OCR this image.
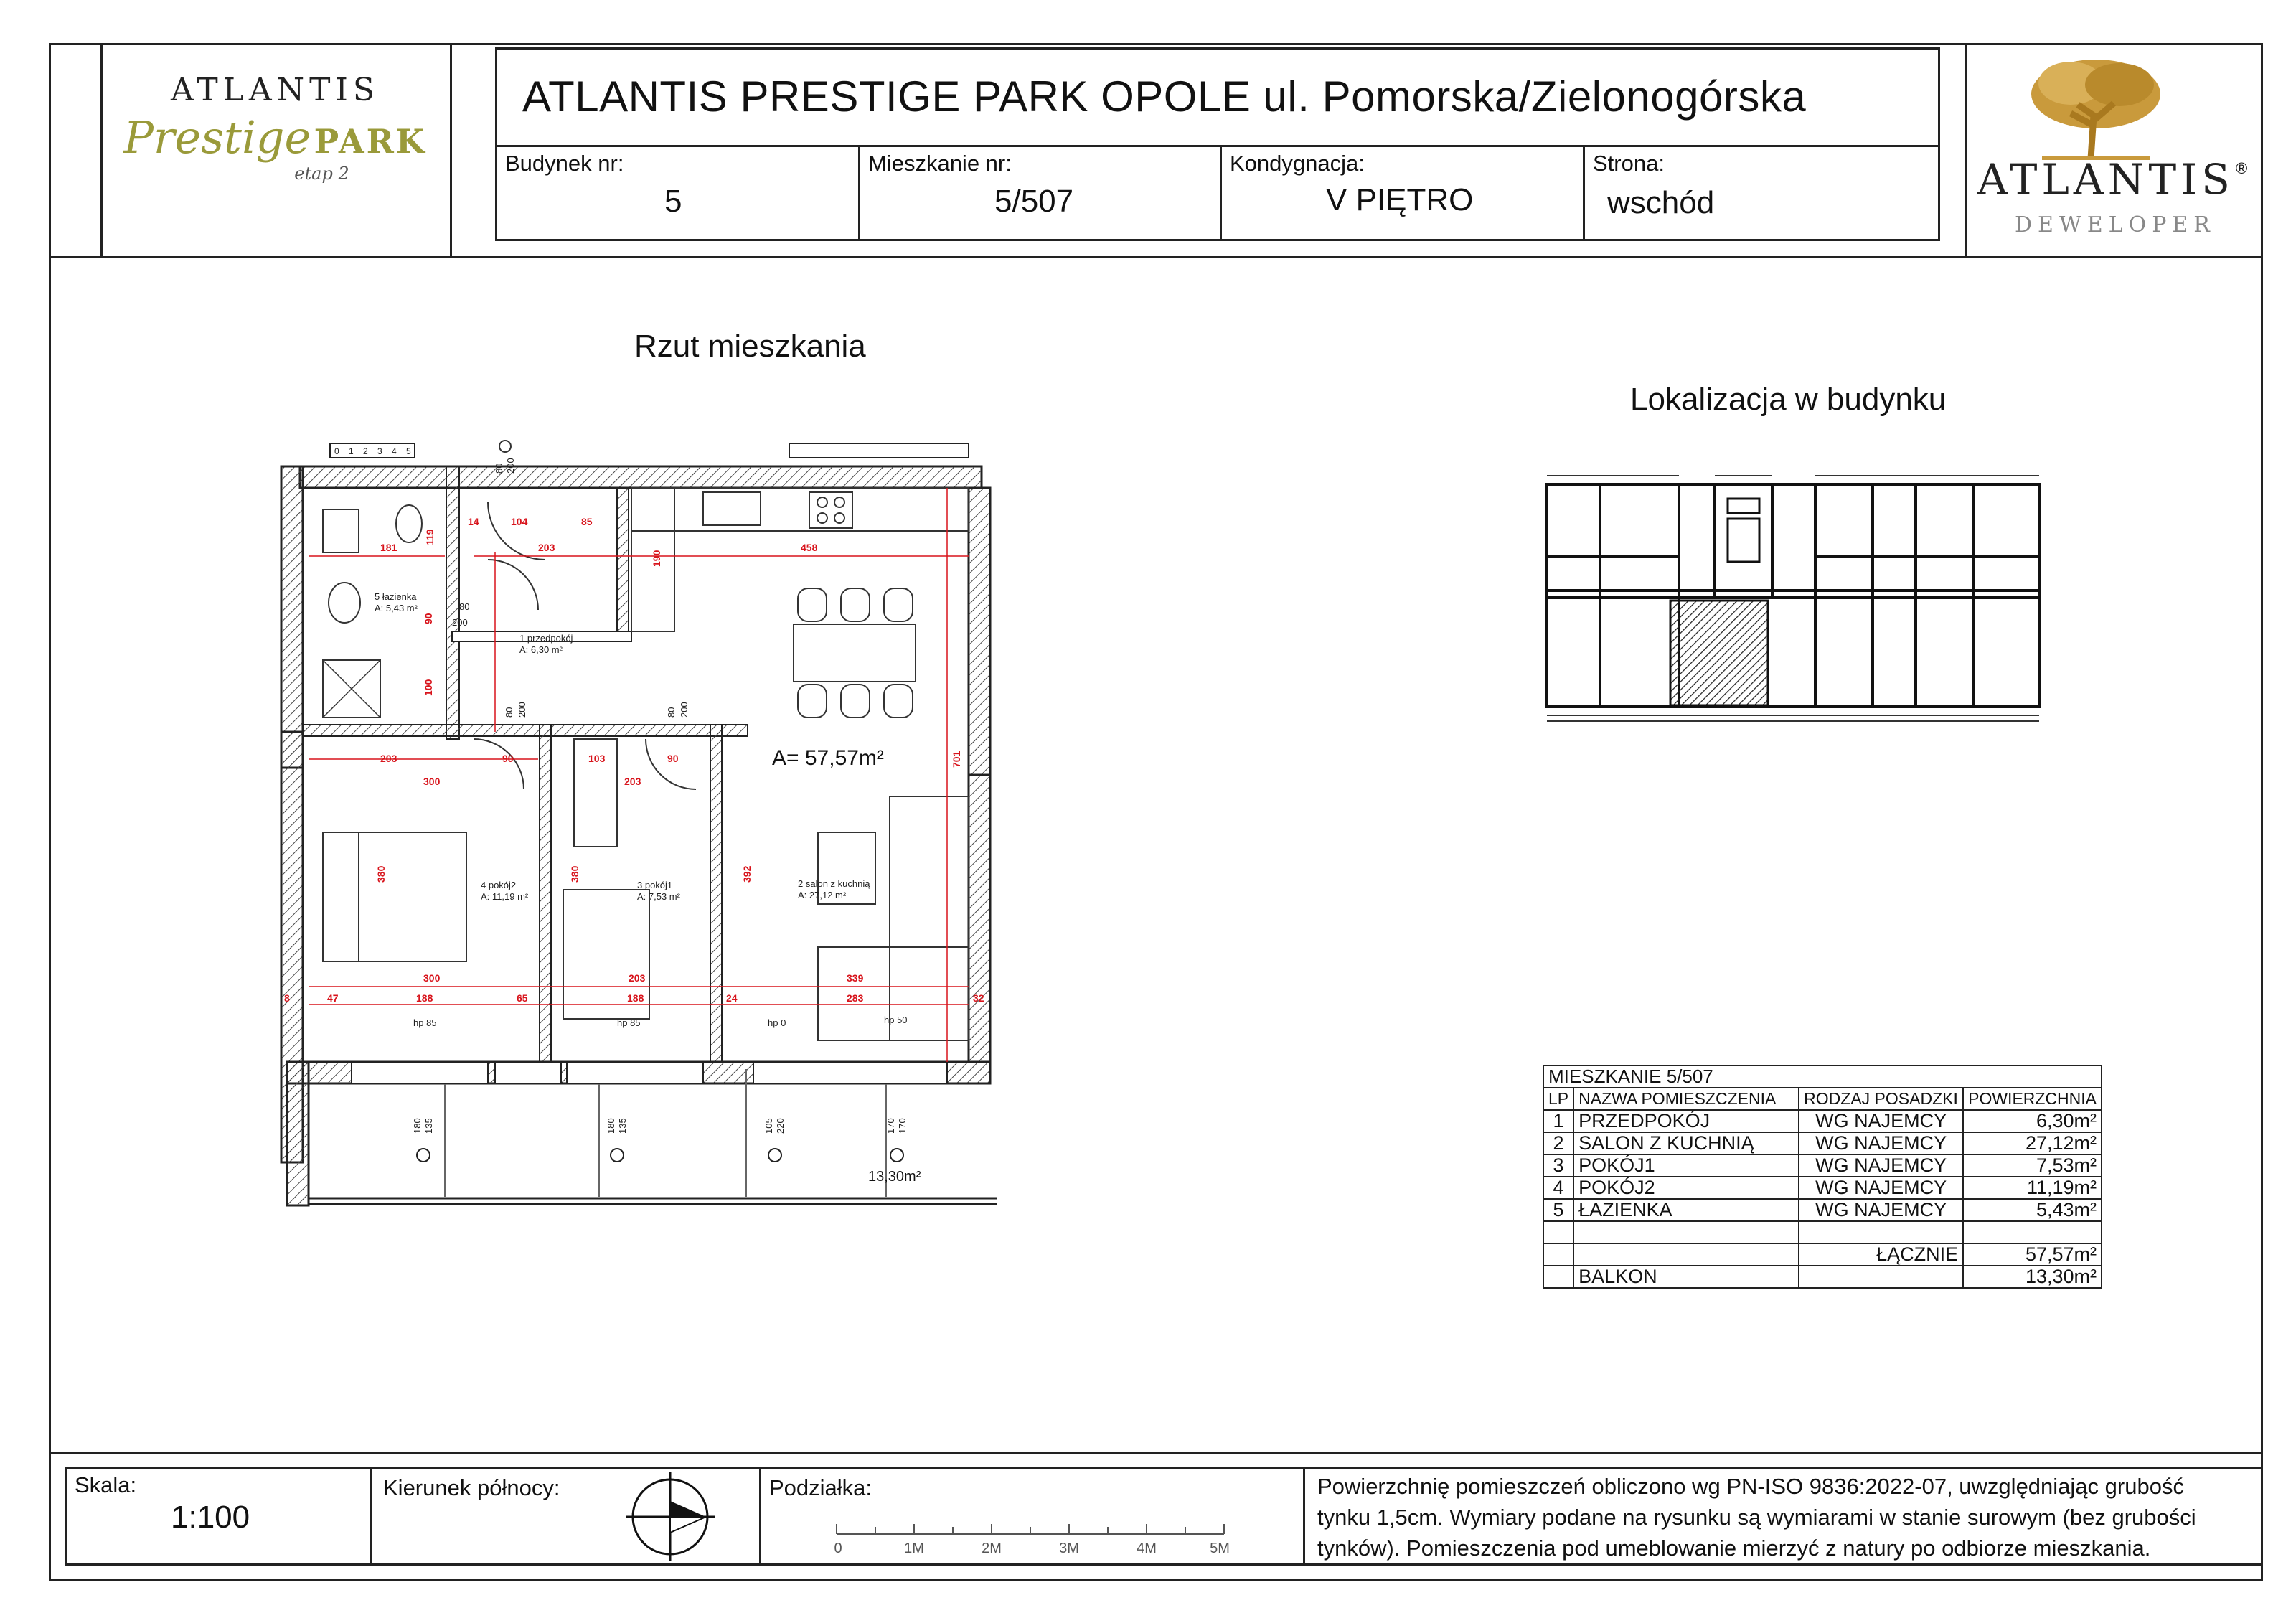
ATLANTIS PRESTIGE PARK OPOLE ul. Pomorska/Zielonogórska
Budynek nr:
5
Mieszkanie nr:
5/507
Kondygnacja:
V PIĘTRO
Strona:
wschód
ATLANTIS
Prestige PARK
etap 2	ATLANTIS ®
DEWELOPER
Rzut mieszkania
Lokalizacja w budynku
181
14	104	85
119
203
190
458
90
100
203
300
90	103
203
90	701
392
380	380
300	203	339
47	188	65	188	24	283	32
8
80
200
80 200	80 200
hp 85	hp 85	hp 0	hp 50
180 135	180 135	105 220	170 170
80 200
0 1 2 3 4 5
5 łazienka
A: 5,43 m²
1 przedpokój
A: 6,30 m²
4 pokój2
A: 11,19 m²
3 pokój1
A: 7,53 m²
2 salon z kuchnią
A: 27,12 m²
A= 57,57m²
13,30m²
MIESZKANIE 5/507			
LP	NAZWA POMIESZCZENIA	RODZAJ POSADZKI	POWIERZCHNIA
1	PRZEDPOKÓJ	WG NAJEMCY	6,30m²
2	SALON Z KUCHNIĄ	WG NAJEMCY	27,12m²
3	POKÓJ1	WG NAJEMCY	7,53m²
4	POKÓJ2	WG NAJEMCY	11,19m²
5	ŁAZIENKA	WG NAJEMCY	5,43m²

		ŁĄCZNIE	57,57m²
	BALKON		13,30m²
Skala:
1:100
Kierunek północy:	Podziałka:
0	1M	2M	3M	4M	5M
Powierzchnię pomieszczeń obliczono wg PN-ISO 9836:2022-07, uwzględniając grubość
tynku 1,5cm. Wymiary podane na rysunku są wymiarami w stanie surowym (bez grubości
tynków). Pomieszczenia pod umeblowanie mierzyć z natury po odbiorze mieszkania.
